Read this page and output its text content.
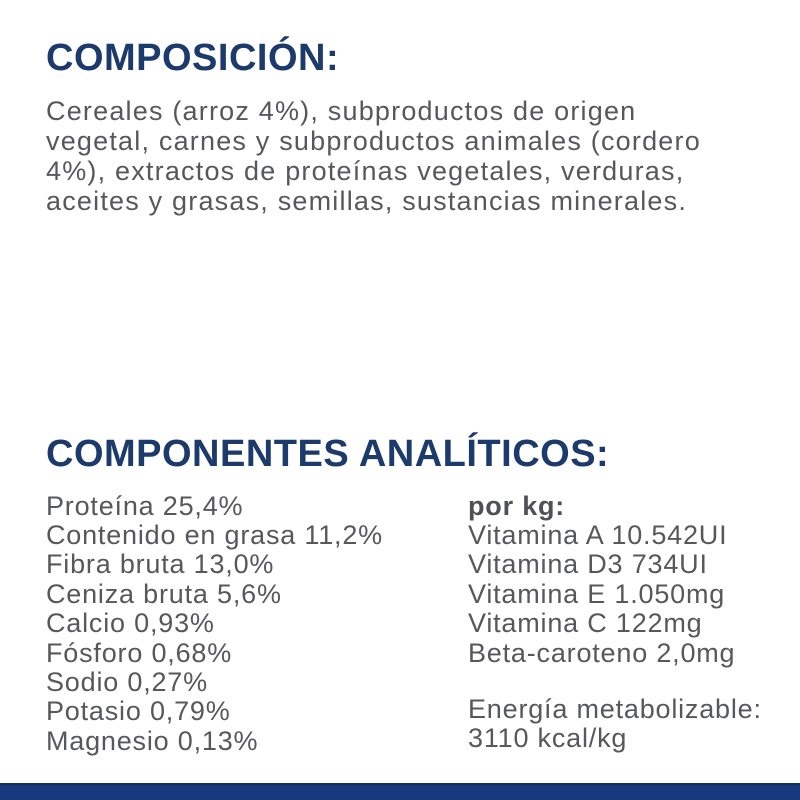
COMPOSICIÓN:

Cereales (arroz 4%), subproductos de origen vegetal, carnes y subproductos animales (cordero 4%), extractos de proteínas vegetales, verduras, aceites y grasas, semillas, sustancias minerales.

COMPONENTES ANALÍTICOS:
Proteína 25,4%
Contenido en grasa 11,2%
Fibra bruta 13,0%
Ceniza bruta 5,6%
Calcio 0,93%
Fósforo 0,68%
Sodio 0,27%
Potasio 0,79%
Magnesio 0,13%
por kg:
Vitamina A 10.542UI
Vitamina D3 734UI
Vitamina E 1.050mg
Vitamina C 122mg
Beta-caroteno 2,0mg
Energía metabolizable:
3110 kcal/kg
